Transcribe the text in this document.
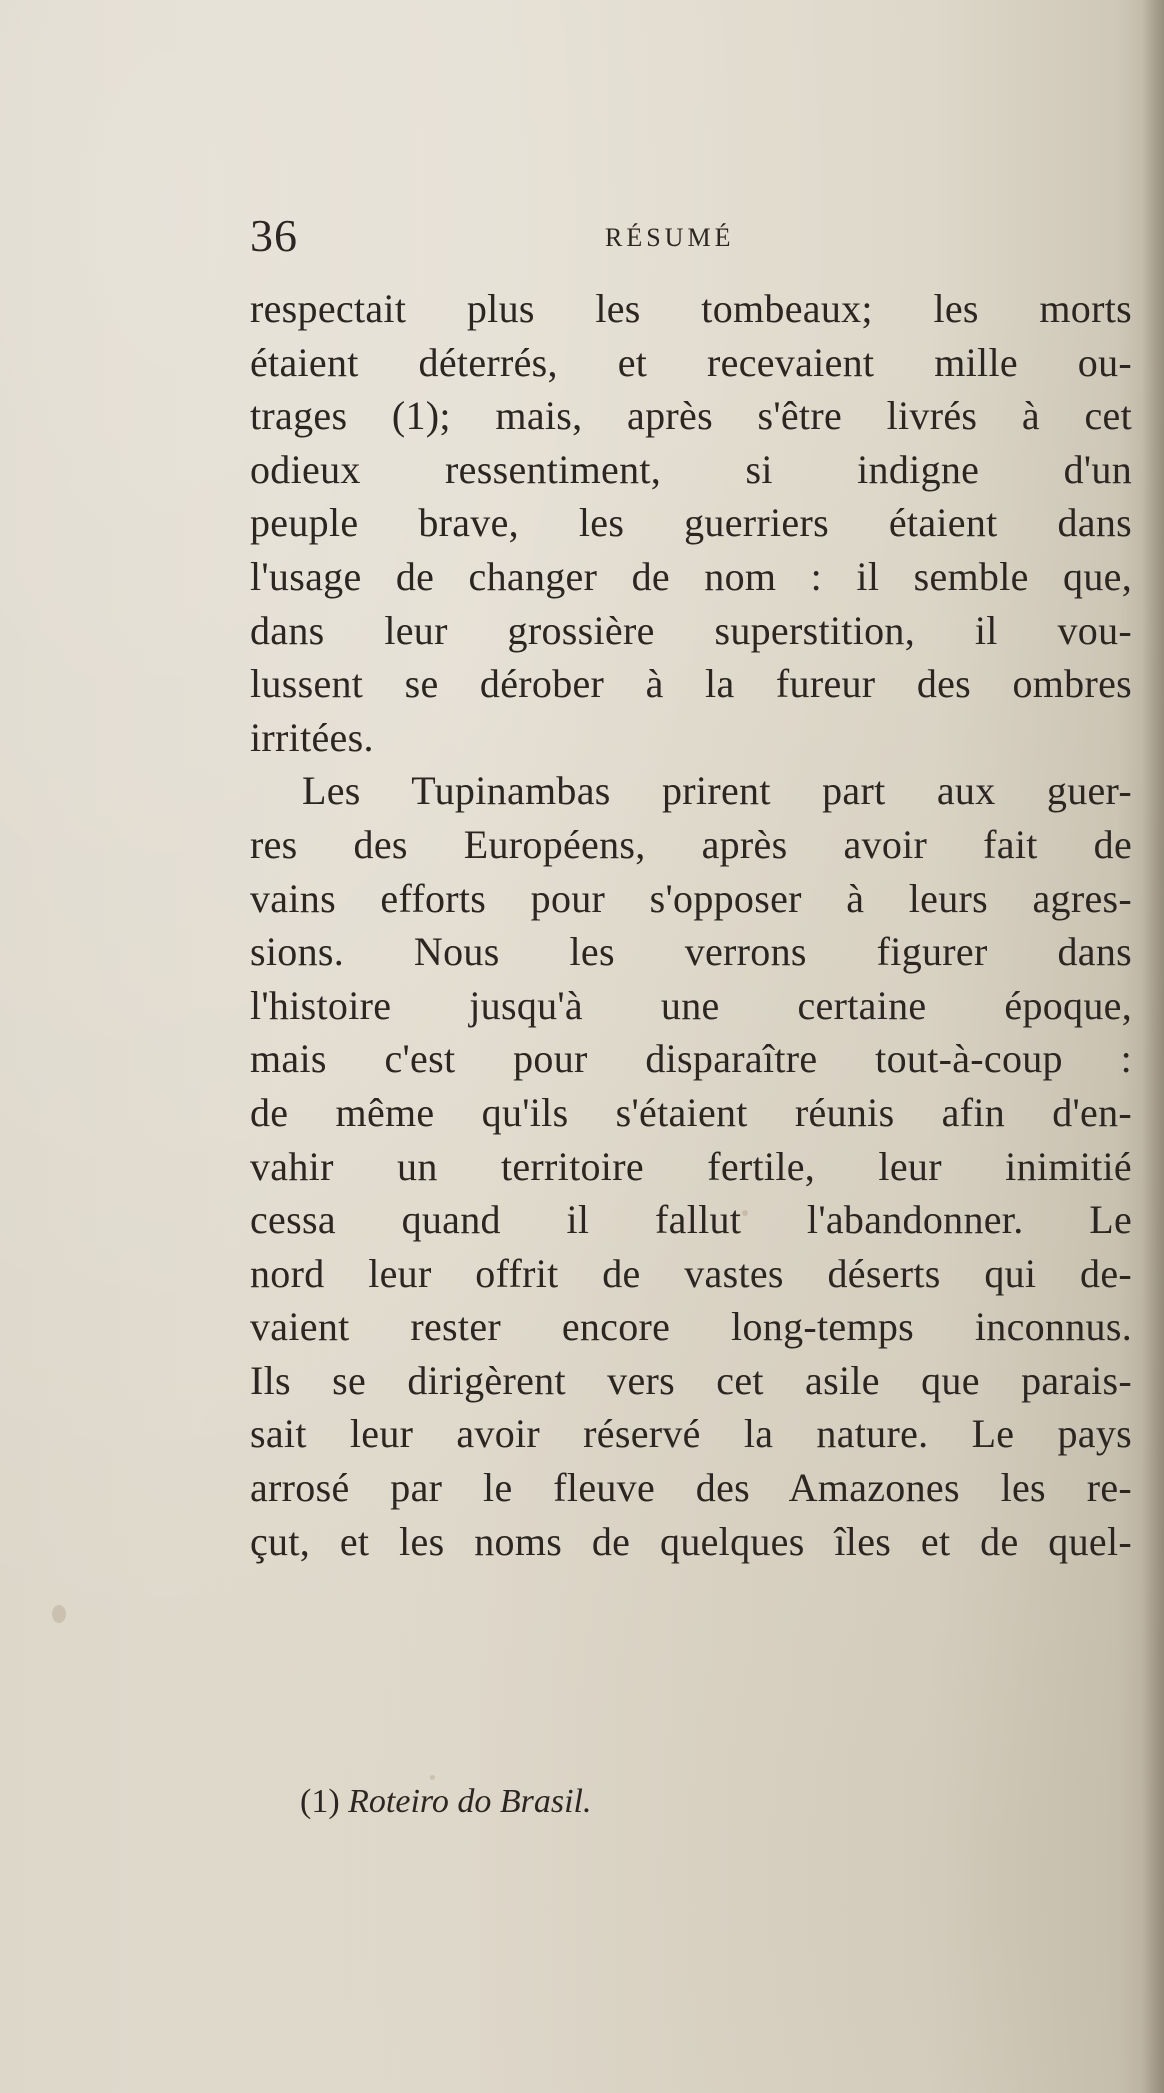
36	RÉSUMÉ
respectait plus les tombeaux; les morts
étaient déterrés, et recevaient mille ou-
trages (1); mais, après s'être livrés à cet
odieux ressentiment, si indigne d'un
peuple brave, les guerriers étaient dans
l'usage de changer de nom : il semble que,
dans leur grossière superstition, il vou-
lussent se dérober à la fureur des ombres
irritées.
Les Tupinambas prirent part aux guer-
res des Européens, après avoir fait de
vains efforts pour s'opposer à leurs agres-
sions. Nous les verrons figurer dans
l'histoire jusqu'à une certaine époque,
mais c'est pour disparaître tout-à-coup :
de même qu'ils s'étaient réunis afin d'en-
vahir un territoire fertile, leur inimitié
cessa quand il fallut l'abandonner. Le
nord leur offrit de vastes déserts qui de-
vaient rester encore long-temps inconnus.
Ils se dirigèrent vers cet asile que parais-
sait leur avoir réservé la nature. Le pays
arrosé par le fleuve des Amazones les re-
çut, et les noms de quelques îles et de quel-
(1) Roteiro do Brasil.
